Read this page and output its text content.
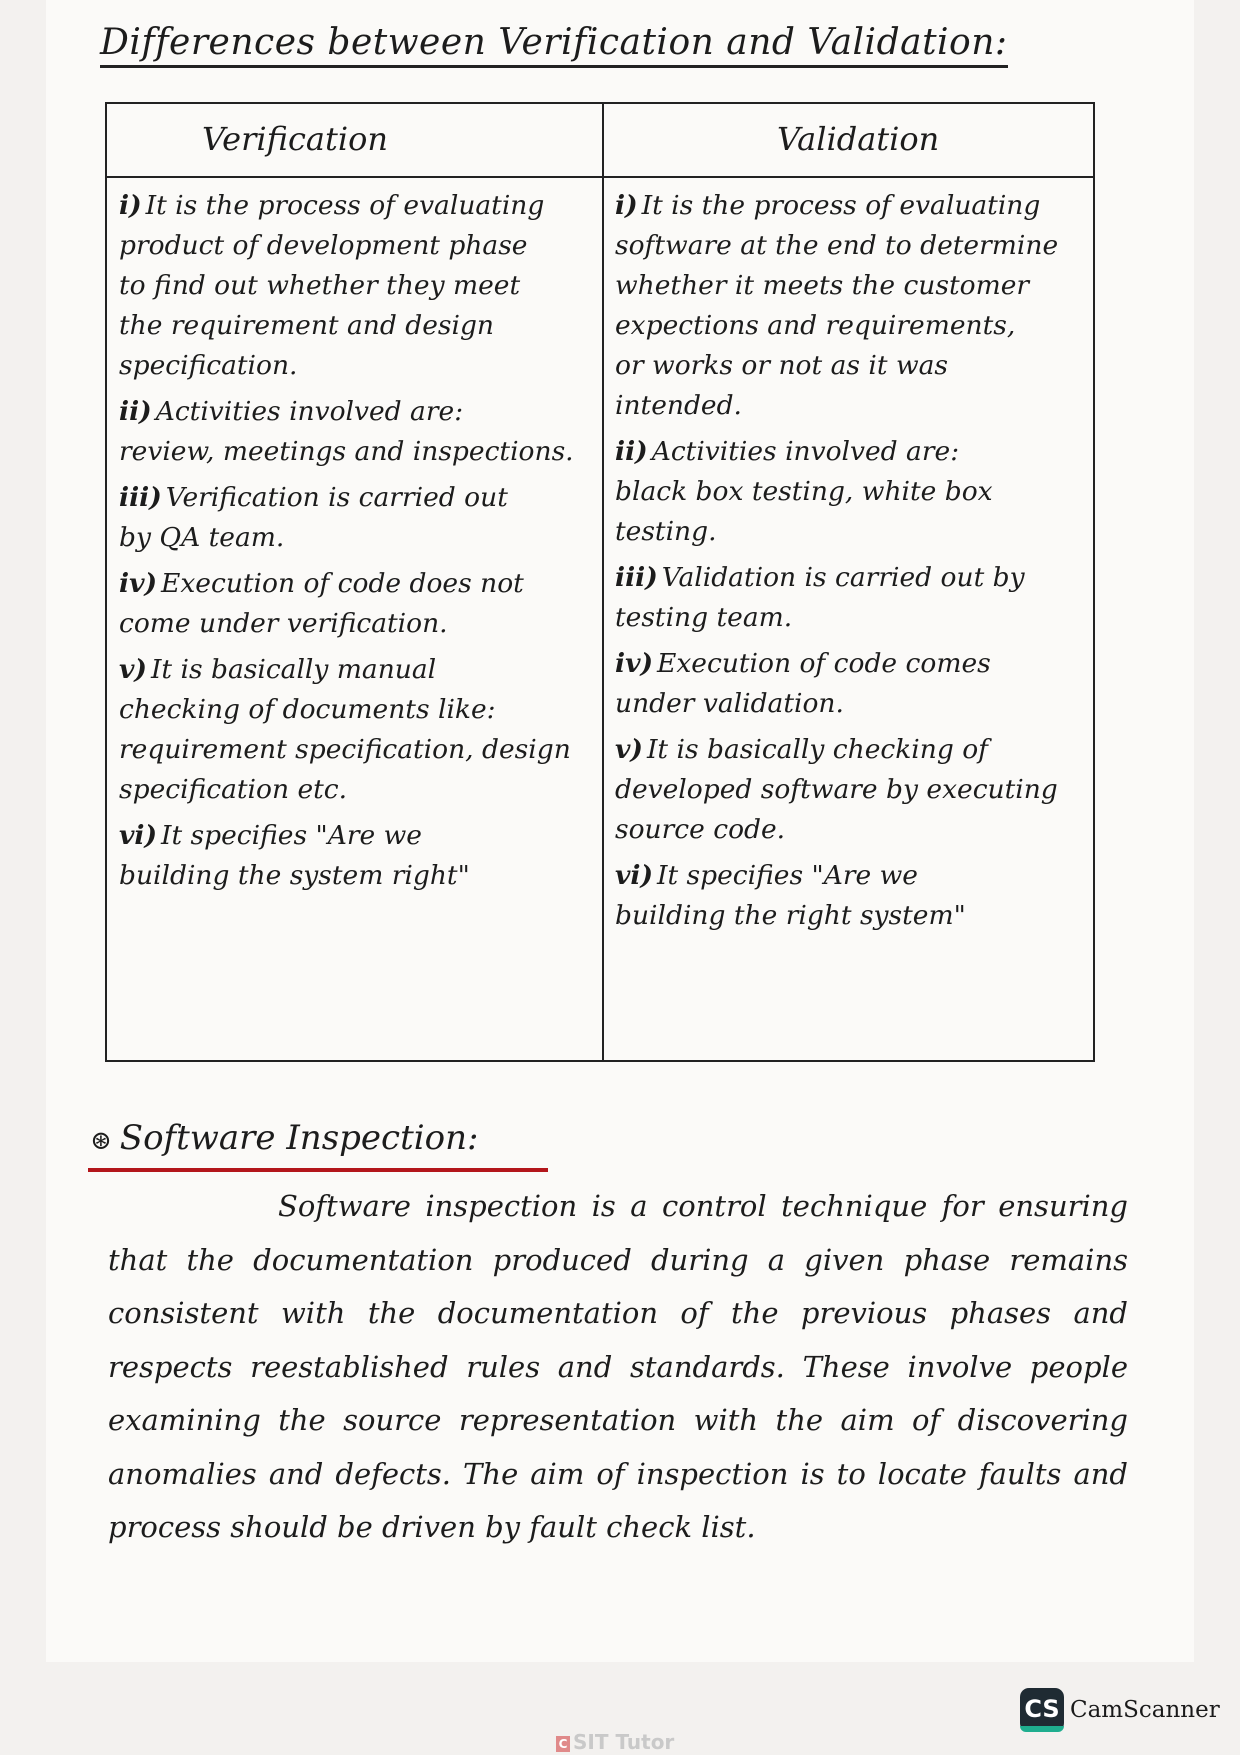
Differences between Verification and Validation:
Verification	Validation

i) It is the process of evaluating
product of development phase
to find out whether they meet
the requirement and design
specification.

ii) Activities involved are:
review, meetings and inspections.

iii) Verification is carried out
by QA team.

iv) Execution of code does not
come under verification.

v) It is basically manual
checking of documents like:
requirement specification, design
specification etc.

vi) It specifies "Are we
building the system right"

i) It is the process of evaluating
software at the end to determine
whether it meets the customer
expections and requirements,
or works or not as it was
intended.

ii) Activities involved are:
black box testing, white box testing.

iii) Validation is carried out by
testing team.

iv) Execution of code comes
under validation.

v) It is basically checking of
developed software by executing
source code.

vi) It specifies "Are we
building the right system"

⊛ Software Inspection:
Software inspection is a control technique for ensuring that the documentation produced during a given phase remains consistent with the documentation of the previous phases and respects reestablished rules and standards. These involve people examining the source representation with the aim of discovering anomalies and defects. The aim of inspection is to locate faults and process should be driven by fault check list.
C SIT Tutor
CS CamScanner
